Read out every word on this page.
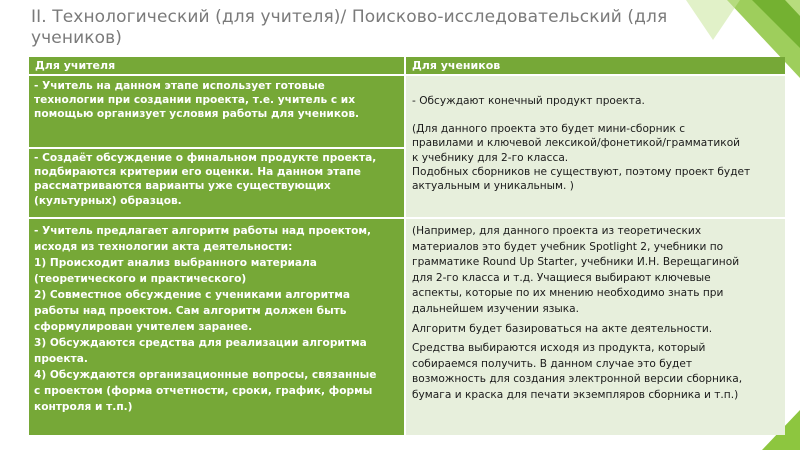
II. Технологический (для учителя)/ Поисково-исследовательский (для
учеников)
Для учителя	Для учеников
- Учитель на данном этапе использует готовые
технологии при создании проекта, т.е. учитель с их
помощью организует условия работы для учеников.
- Создаёт обсуждение о финальном продукте проекта,
подбираются критерии его оценки. На данном этапе
рассматриваются варианты уже существующих
(культурных) образцов.
- Учитель предлагает алгоритм работы над проектом,
исходя из технологии акта деятельности:
1) Происходит анализ выбранного материала
(теоретического и практического)
2) Совместное обсуждение с учениками алгоритма
работы над проектом. Сам алгоритм должен быть
сформулирован учителем заранее.
3) Обсуждаются средства для реализации алгоритма
проекта.
4) Обсуждаются организационные вопросы, связанные
с проектом (форма отчетности, сроки, график, формы
контроля и т.п.)
- Обсуждают конечный продукт проекта.
(Для данного проекта это будет мини-сборник с
правилами и ключевой лексикой/фонетикой/грамматикой
к учебнику для 2-го класса.
Подобных сборников не существуют, поэтому проект будет
актуальным и уникальным. )
(Например, для данного проекта из теоретических
материалов это будет учебник Spotlight 2, учебники по
грамматике Round Up Starter, учебники И.Н. Верещагиной
для 2-го класса и т.д. Учащиеся выбирают ключевые
аспекты, которые по их мнению необходимо знать при
дальнейшем изучении языка.
Алгоритм будет базироваться на акте деятельности.
Средства выбираются исходя из продукта, который
собираемся получить. В данном случае это будет
возможность для создания электронной версии сборника,
бумага и краска для печати экземпляров сборника и т.п.)
